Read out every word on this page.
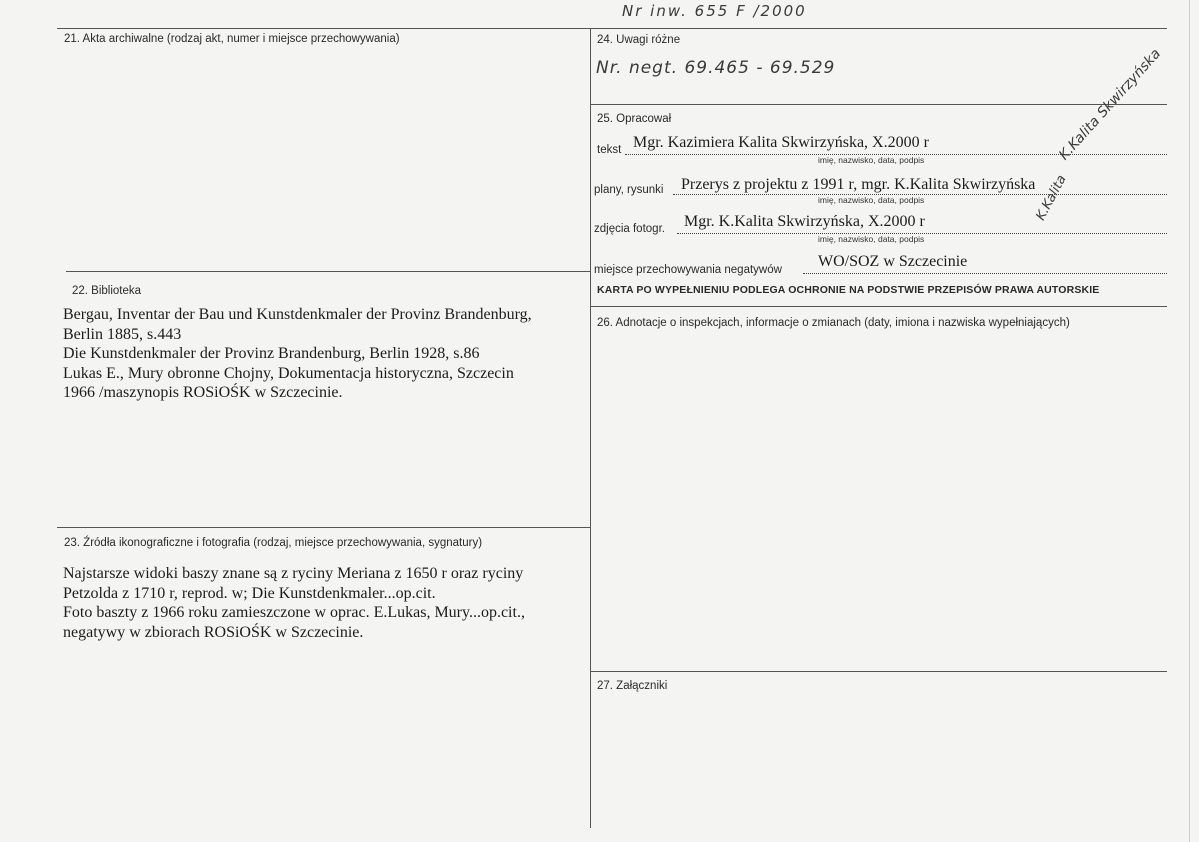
Nr inw. 655 F /2000
21. Akta archiwalne (rodzaj akt, numer i miejsce przechowywania)
22. Biblioteka
Bergau, Inventar der Bau und Kunstdenkmaler der Provinz Brandenburg,
Berlin 1885, s.443
Die Kunstdenkmaler der Provinz Brandenburg, Berlin 1928, s.86
Lukas E., Mury obronne Chojny, Dokumentacja historyczna, Szczecin
1966 /maszynopis ROSiOŚK w Szczecinie.
23. Źródła ikonograficzne i fotografia (rodzaj, miejsce przechowywania, sygnatury)
Najstarsze widoki baszy znane są z ryciny Meriana z 1650 r oraz ryciny
Petzolda z 1710 r, reprod. w; Die Kunstdenkmaler...op.cit.
Foto baszty z 1966 roku zamieszczone w oprac. E.Lukas, Mury...op.cit.,
negatywy w zbiorach ROSiOŚK w Szczecinie.
24. Uwagi różne
Nr. negt. 69.465 - 69.529
25. Opracował
tekst Mgr. Kazimiera Kalita Skwirzyńska, X.2000 r
imię, nazwisko, data, podpis
plany, rysunki Przerys z projektu z 1991 r, mgr. K.Kalita Skwirzyńska
imię, nazwisko, data, podpis
zdjęcia fotogr. Mgr. K.Kalita Skwirzyńska, X.2000 r
imię, nazwisko, data, podpis
K.Kalita Skwirzyńska
K.Kalita
miejsce przechowywania negatywów WO/SOZ w Szczecinie
KARTA PO WYPEŁNIENIU PODLEGA OCHRONIE NA PODSTWIE PRZEPISÓW PRAWA AUTORSKIE
26. Adnotacje o inspekcjach, informacje o zmianach (daty, imiona i nazwiska wypełniających)
27. Załączniki
